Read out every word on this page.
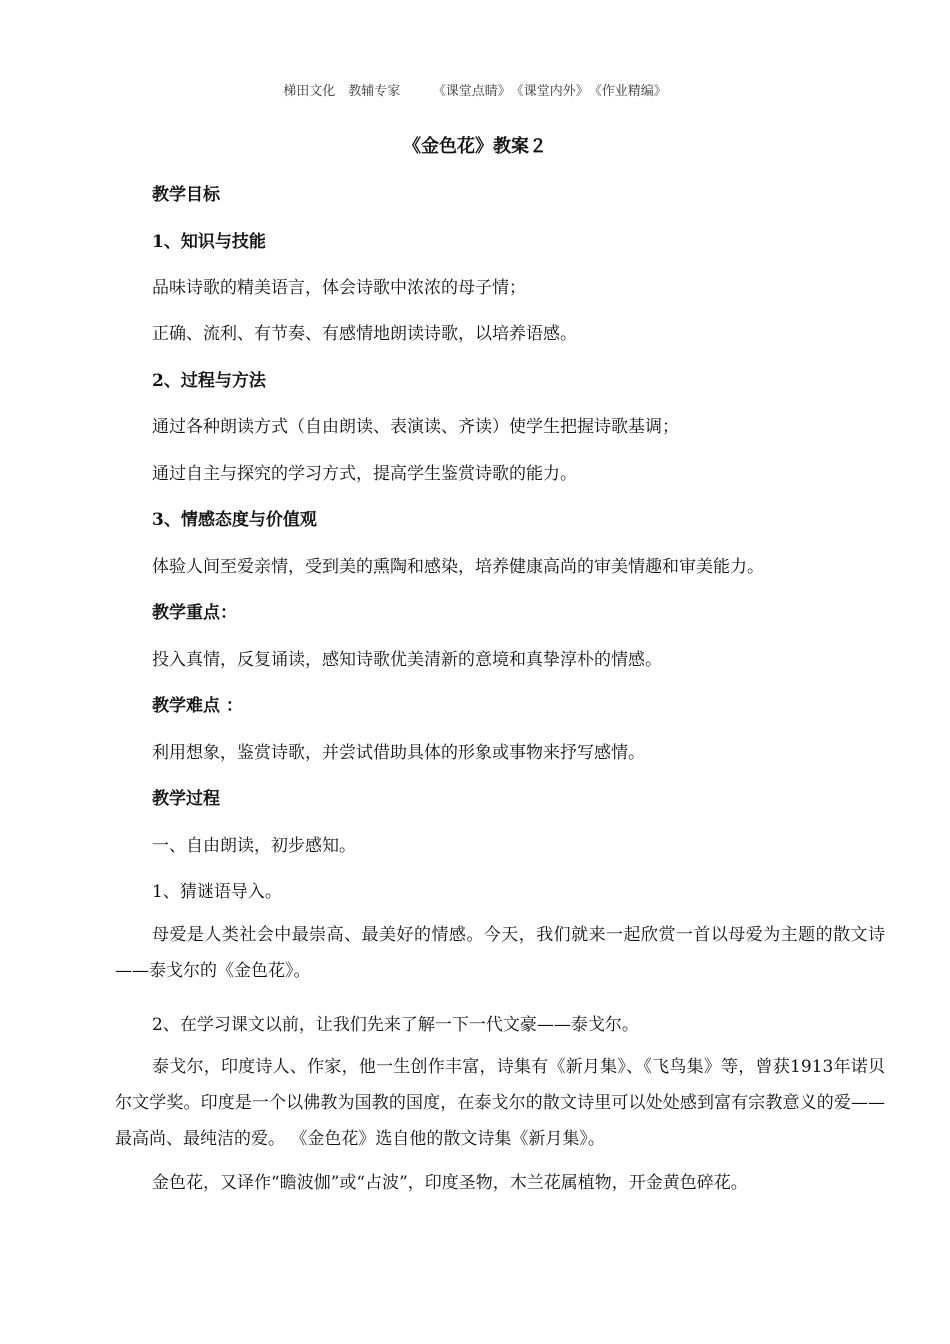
梯田文化　教辅专家　　　《课堂点睛》　《课堂内外》　《作业精编》
《金色花》教案２
教学目标
1、知识与技能
品味诗歌的精美语言，体会诗歌中浓浓的母子情；
正确、流利、有节奏、有感情地朗读诗歌，以培养语感。
2、过程与方法
通过各种朗读方式（自由朗读、表演读、齐读）使学生把握诗歌基调；
通过自主与探究的学习方式，提高学生鉴赏诗歌的能力。
3、情感态度与价值观
体验人间至爱亲情，受到美的熏陶和感染，培养健康高尚的审美情趣和审美能力。
教学重点：
投入真情，反复诵读，感知诗歌优美清新的意境和真挚淳朴的情感。
教学难点 ：
利用想象，鉴赏诗歌，并尝试借助具体的形象或事物来抒写感情。
教学过程
一、自由朗读，初步感知。
1、猜谜语导入。
母爱是人类社会中最崇高、最美好的情感。今天，我们就来一起欣赏一首以母爱为主题的散文诗——泰戈尔的《金色花》。
2、在学习课文以前，让我们先来了解一下一代文豪——泰戈尔。
泰戈尔，印度诗人、作家，他一生创作丰富，诗集有《新月集》、《飞鸟集》等，曾获1913年诺贝尔文学奖。印度是一个以佛教为国教的国度，在泰戈尔的散文诗里可以处处感到富有宗教意义的爱——最高尚、最纯洁的爱。 《金色花》选自他的散文诗集《新月集》。
金色花，又译作“瞻波伽”或“占波”，印度圣物，木兰花属植物，开金黄色碎花。
